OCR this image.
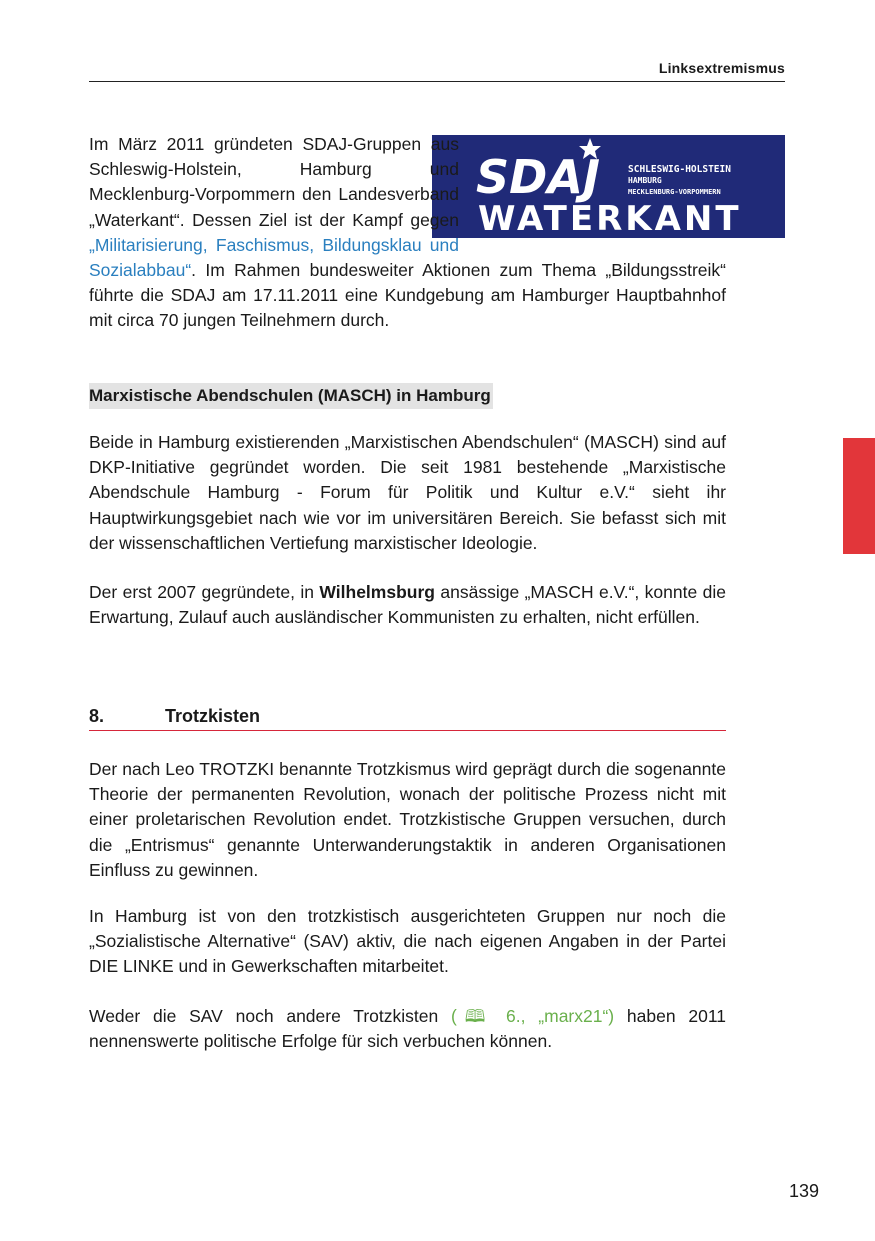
Linksextremismus
SDAJ	SCHLESWIG-HOLSTEIN
HAMBURG
MECKLENBURG-VORPOMMERN
WATERKANT
Im März 2011 gründeten SDAJ-Gruppen aus Schleswig-Holstein, Hamburg und Mecklenburg-Vorpommern den Landesverband „Waterkant“. Dessen Ziel ist der Kampf gegen „Militarisierung, Faschismus, Bildungsklau und Sozialabbau“. Im Rahmen bundesweiter Aktionen zum Thema „Bildungsstreik“ führte die SDAJ am 17.11.2011 eine Kundgebung am Hamburger Hauptbahnhof mit circa 70 jungen Teilnehmern durch.
Marxistische Abendschulen (MASCH) in Hamburg
Beide in Hamburg existierenden „Marxistischen Abendschulen“ (MASCH) sind auf DKP-Initiative gegründet worden. Die seit 1981 bestehende „Marxistische Abendschule Hamburg - Forum für Politik und Kultur e.V.“ sieht ihr Hauptwirkungsgebiet nach wie vor im universitären Bereich. Sie befasst sich mit der wissenschaftlichen Vertiefung marxistischer Ideologie.
Der erst 2007 gegründete, in Wilhelmsburg ansässige „MASCH e.V.“, konnte die Erwartung, Zulauf auch ausländischer Kommunisten zu erhalten, nicht erfüllen.
8.	Trotzkisten
Der nach Leo TROTZKI benannte Trotzkismus wird geprägt durch die sogenannte Theorie der permanenten Revolution, wonach der politische Prozess nicht mit einer proletarischen Revolution endet. Trotzkistische Gruppen versuchen, durch die „Entrismus“ genannte Unterwanderungstaktik in anderen Organisationen Einfluss zu gewinnen.
In Hamburg ist von den trotzkistisch ausgerichteten Gruppen nur noch die „Sozialistische Alternative“ (SAV) aktiv, die nach eigenen Angaben in der Partei DIE LINKE und in Gewerkschaften mitarbeitet.
Weder die SAV noch andere Trotzkisten (🕮 6., „marx21“) haben 2011 nennenswerte politische Erfolge für sich verbuchen können.
139
